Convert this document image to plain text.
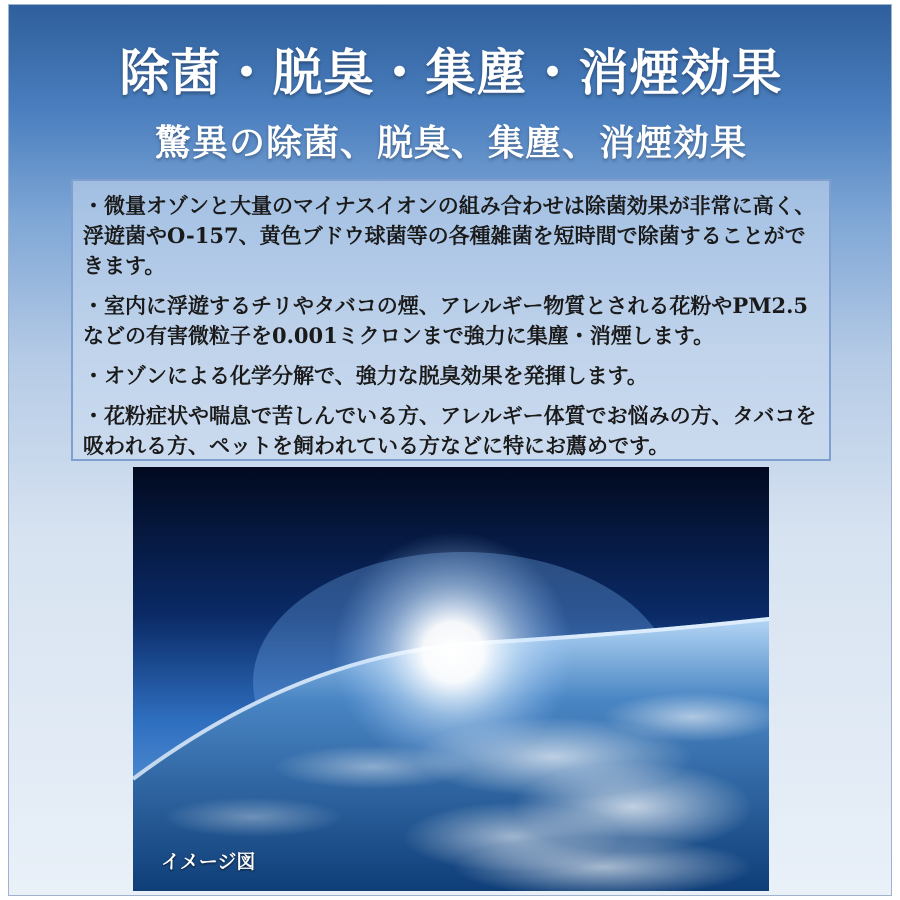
除菌・脱臭・集塵・消煙効果
驚異の除菌、脱臭、集塵、消煙効果

・微量オゾンと大量のマイナスイオンの組み合わせは除菌効果が非常に高く、浮遊菌やO-157、黄色ブドウ球菌等の各種雑菌を短時間で除菌することができます。

・室内に浮遊するチリやタバコの煙、アレルギー物質とされる花粉やPM2.5などの有害微粒子を0.001ミクロンまで強力に集塵・消煙します。

・オゾンによる化学分解で、強力な脱臭効果を発揮します。

・花粉症状や喘息で苦しんでいる方、アレルギー体質でお悩みの方、タバコを吸われる方、ペットを飼われている方などに特にお薦めです。

イメージ図
